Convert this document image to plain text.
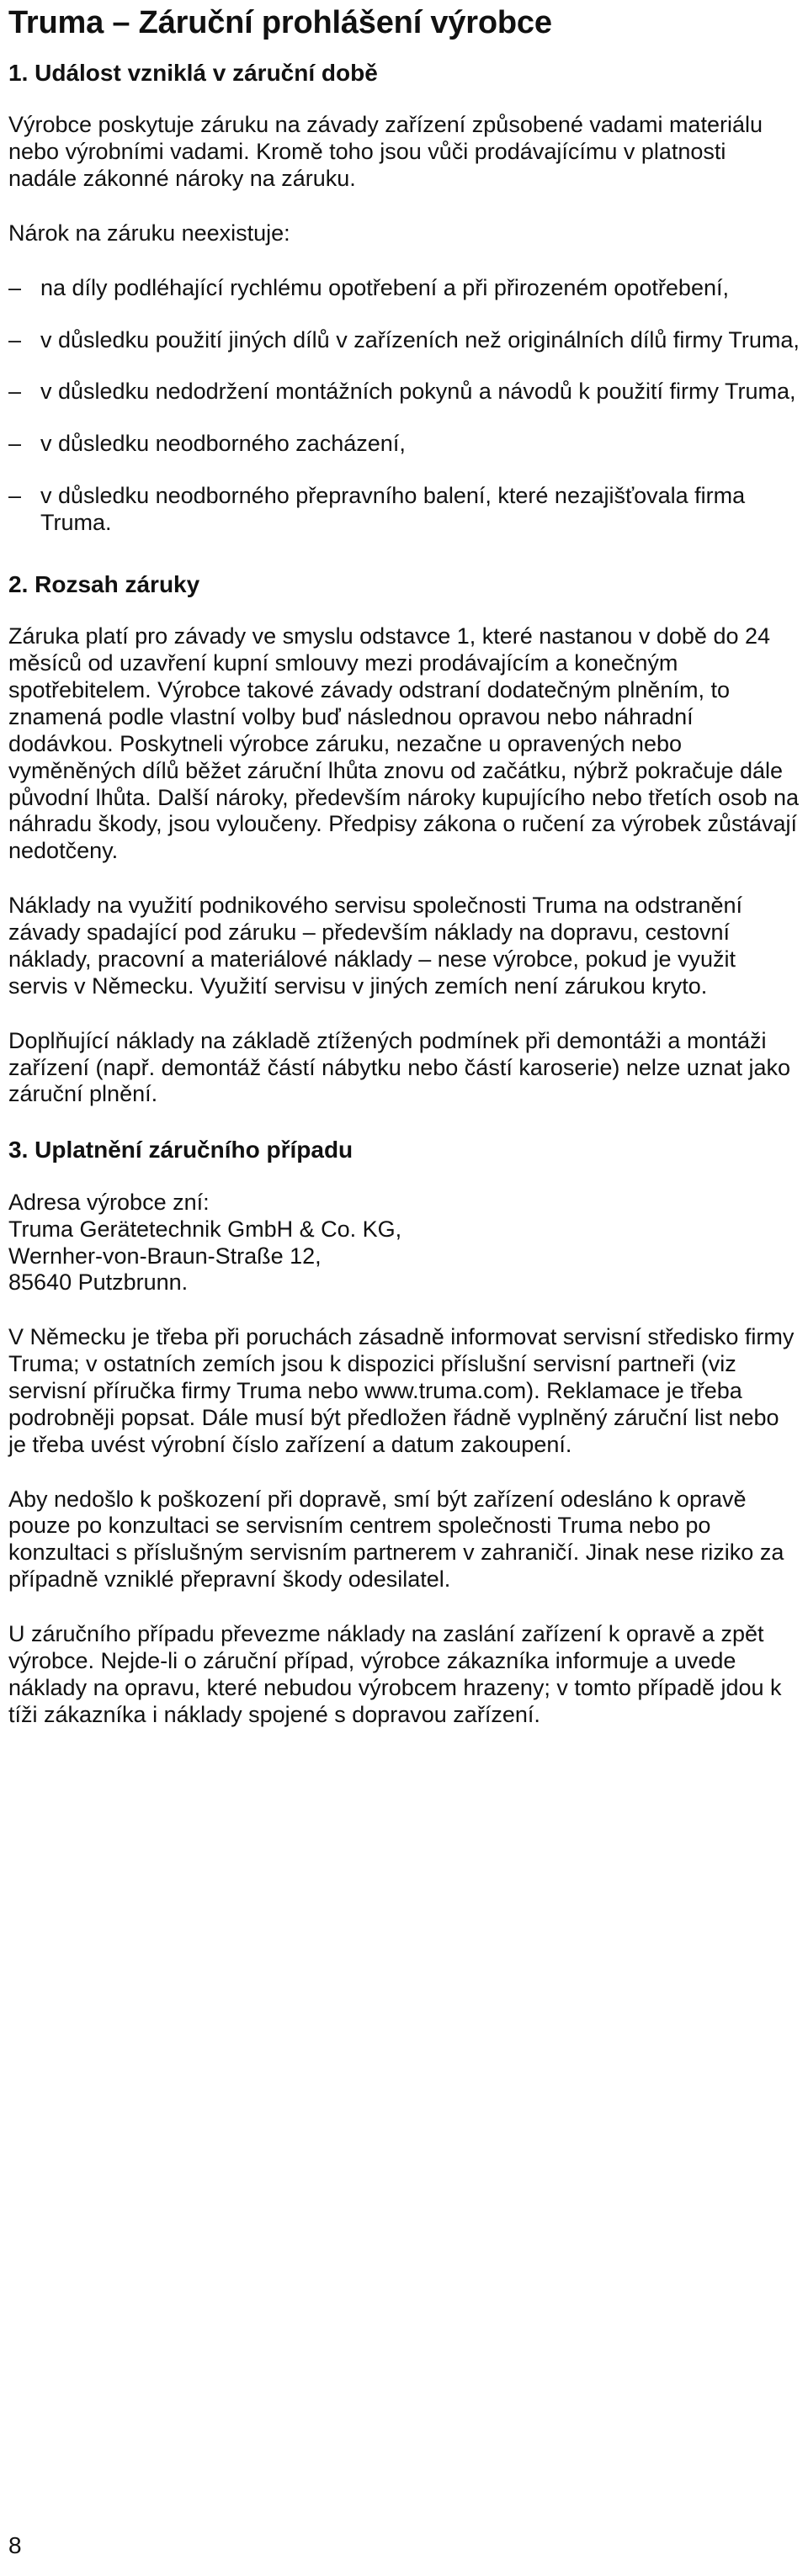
Truma – Záruční prohlášení výrobce
1. Událost vzniklá v záruční době

Výrobce poskytuje záruku na závady zařízení způsobené vadami materiálu nebo výrobními vadami. Kromě toho jsou vůči prodávajícímu v platnosti nadále zákonné nároky na záruku.

Nárok na záruku neexistuje:

– na díly podléhající rychlému opotřebení a při přirozeném opotřebení,
– v důsledku použití jiných dílů v zařízeních než originálních dílů firmy Truma,
– v důsledku nedodržení montážních pokynů a návodů k použití firmy Truma,
– v důsledku neodborného zacházení,
– v důsledku neodborného přepravního balení, které nezajišťovala firma Truma.
2. Rozsah záruky

Záruka platí pro závady ve smyslu odstavce 1, které nastanou v době do 24 měsíců od uzavření kupní smlouvy mezi prodávajícím a konečným spotřebitelem. Výrobce takové závady odstraní dodatečným plněním, to znamená podle vlastní volby buď následnou opravou nebo náhradní dodávkou. Poskytneli výrobce záruku, nezačne u opravených nebo vyměněných dílů běžet záruční lhůta znovu od začátku, nýbrž pokračuje dále původní lhůta. Další nároky, především nároky kupujícího nebo třetích osob na náhradu škody, jsou vyloučeny. Předpisy zákona o ručení za výrobek zůstávají nedotčeny.

Náklady na využití podnikového servisu společnosti Truma na odstranění závady spadající pod záruku – především náklady na dopravu, cestovní náklady, pracovní a materiálové náklady – nese výrobce, pokud je využit servis v Německu. Využití servisu v jiných zemích není zárukou kryto.

Doplňující náklady na základě ztížených podmínek při demontáži a montáži zařízení (např. demontáž částí nábytku nebo částí karoserie) nelze uznat jako záruční plnění.

3. Uplatnění záručního případu

Adresa výrobce zní:
Truma Gerätetechnik GmbH & Co. KG,
Wernher-von-Braun-Straße 12,
85640 Putzbrunn.

V Německu je třeba při poruchách zásadně informovat servisní středisko firmy Truma; v ostatních zemích jsou k dispozici příslušní servisní partneři (viz servisní příručka firmy Truma nebo www.truma.com). Reklamace je třeba podrobněji popsat. Dále musí být předložen řádně vyplněný záruční list nebo je třeba uvést výrobní číslo zařízení a datum zakoupení.

Aby nedošlo k poškození při dopravě, smí být zařízení odesláno k opravě pouze po konzultaci se servisním centrem společnosti Truma nebo po konzultaci s příslušným servisním partnerem v zahraničí. Jinak nese riziko za případně vzniklé přepravní škody odesilatel.

U záručního případu převezme náklady na zaslání zařízení k opravě a zpět výrobce. Nejde-li o záruční případ, výrobce zákazníka informuje a uvede náklady na opravu, které nebudou výrobcem hrazeny; v tomto případě jdou k tíži zákazníka i náklady spojené s dopravou zařízení.

8
